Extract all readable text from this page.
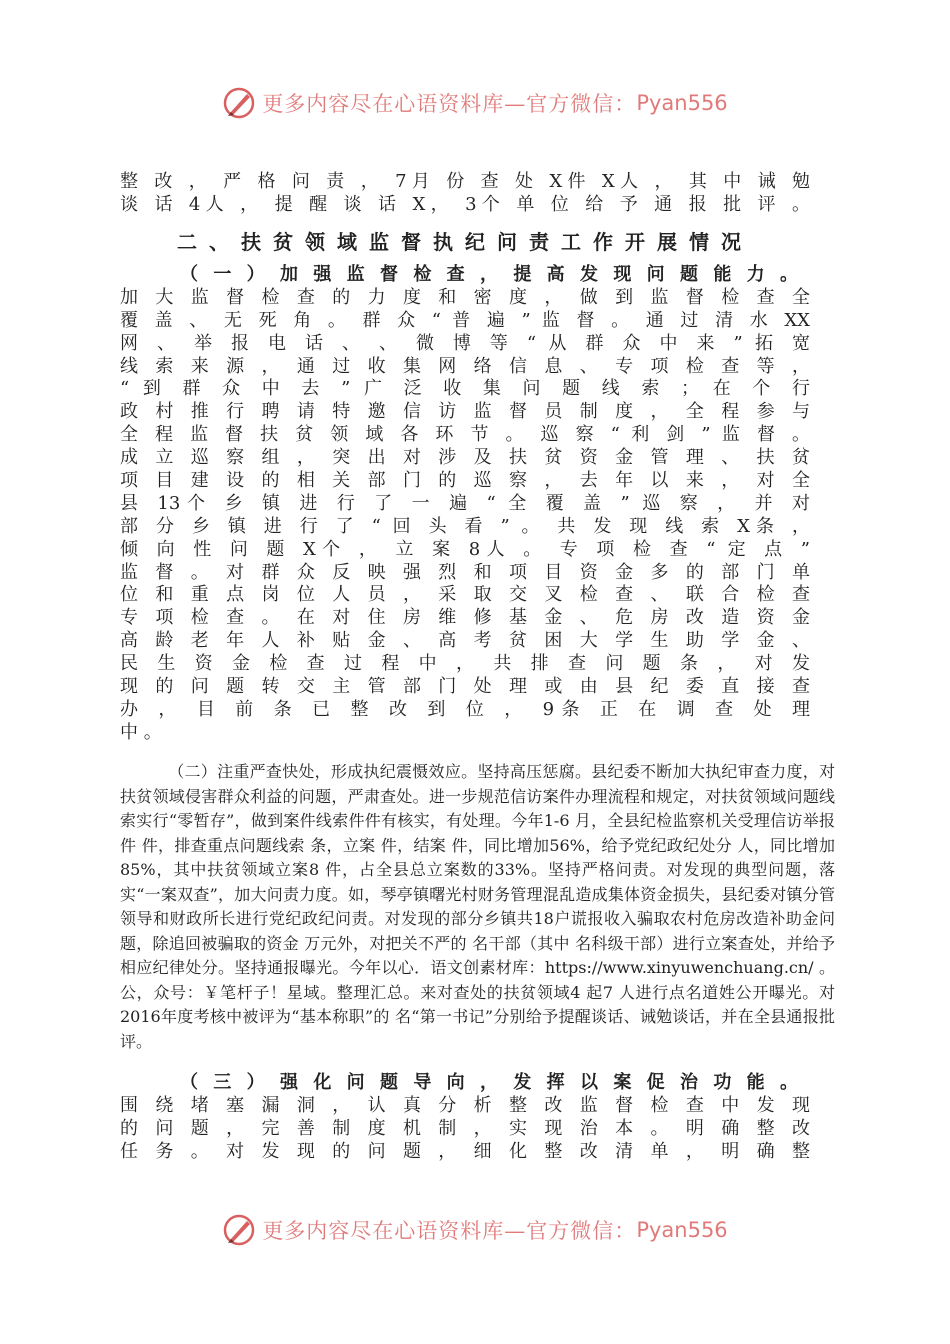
更多内容尽在心语资料库—官方微信： Pyan556
整 改 ， 严 格 问 责 ， 7月 份 查 处 X件 X人 ， 其 中 诫 勉
谈 话 4人 ， 提 醒 谈 话 X， 3个 单 位 给 予 通 报 批 评 。
二、扶贫领域监督执纪问责工作开展情况
（ 一 ） 加 强 监 督 检 查 ， 提 高 发 现 问 题 能 力 。
加 大 监 督 检 查 的 力 度 和 密 度 ， 做 到 监 督 检 查 全
覆 盖 、 无 死 角 。 群 众 “ 普 遍 ” 监 督 。 通 过 清 水 XX
网 、 举 报 电 话 、 、 微 博 等 “ 从 群 众 中 来 ” 拓 宽
线 索 来 源 ， 通 过 收 集 网 络 信 息 、 专 项 检 查 等 ，
“ 到 群 众 中 去 ” 广 泛 收 集 问 题 线 索 ； 在 个 行
政 村 推 行 聘 请 特 邀 信 访 监 督 员 制 度 ， 全 程 参 与
全 程 监 督 扶 贫 领 域 各 环 节 。 巡 察 “ 利 剑 ” 监 督 。
成 立 巡 察 组 ， 突 出 对 涉 及 扶 贫 资 金 管 理 、 扶 贫
项 目 建 设 的 相 关 部 门 的 巡 察 ， 去 年 以 来 ， 对 全
县 13个 乡 镇 进 行 了 一 遍 “ 全 覆 盖 ” 巡 察 ， 并 对
部 分 乡 镇 进 行 了 “ 回 头 看 ” 。 共 发 现 线 索 X条 ，
倾 向 性 问 题 X个 ， 立 案 8人 。 专 项 检 查 “ 定 点 ”
监 督 。 对 群 众 反 映 强 烈 和 项 目 资 金 多 的 部 门 单
位 和 重 点 岗 位 人 员 ， 采 取 交 叉 检 查 、 联 合 检 查
专 项 检 查 。 在 对 住 房 维 修 基 金 、 危 房 改 造 资 金
高 龄 老 年 人 补 贴 金 、 高 考 贫 困 大 学 生 助 学 金 、
民 生 资 金 检 查 过 程 中 ， 共 排 查 问 题 条 ， 对 发
现 的 问 题 转 交 主 管 部 门 处 理 或 由 县 纪 委 直 接 查
办 ， 目 前 条 已 整 改 到 位 ， 9条 正 在 调 查 处 理
中 。
（二）注重严查快处，形成执纪震慑效应。坚持高压惩腐。县纪委不断加大执纪审查力度，对扶贫领域侵害群众利益的问题，严肃查处。进一步规范信访案件办理流程和规定，对扶贫领域问题线索实行“零暂存”，做到案件线索件件有核实，有处理。今年1-6 月，全县纪检监察机关受理信访举报件 件，排查重点问题线索 条，立案 件，结案 件，同比增加56%，给予党纪政纪处分 人，同比增加85%，其中扶贫领域立案8 件，占全县总立案数的33%。坚持严格问责。对发现的典型问题，落实“一案双查”，加大问责力度。如，琴亭镇曙光村财务管理混乱造成集体资金损失，县纪委对镇分管领导和财政所长进行党纪政纪问责。对发现的部分乡镇共18户谎报收入骗取农村危房改造补助金问题，除追回被骗取的资金 万元外，对把关不严的 名干部（其中 名科级干部）进行立案查处，并给予相应纪律处分。坚持通报曝光。今年以心．语文创素材库：https://www.xinyuwenchuang.cn/ 。公，众号：￥笔杆子！星域。整理汇总。来对查处的扶贫领域4 起7 人进行点名道姓公开曝光。对2016年度考核中被评为“基本称职”的 名“第一书记”分别给予提醒谈话、诫勉谈话，并在全县通报批评。
（ 三 ） 强 化 问 题 导 向 ， 发 挥 以 案 促 治 功 能 。
围 绕 堵 塞 漏 洞 ， 认 真 分 析 整 改 监 督 检 查 中 发 现
的 问 题 ， 完 善 制 度 机 制 ， 实 现 治 本 。 明 确 整 改
任 务 。 对 发 现 的 问 题 ， 细 化 整 改 清 单 ， 明 确 整
更多内容尽在心语资料库—官方微信： Pyan556
